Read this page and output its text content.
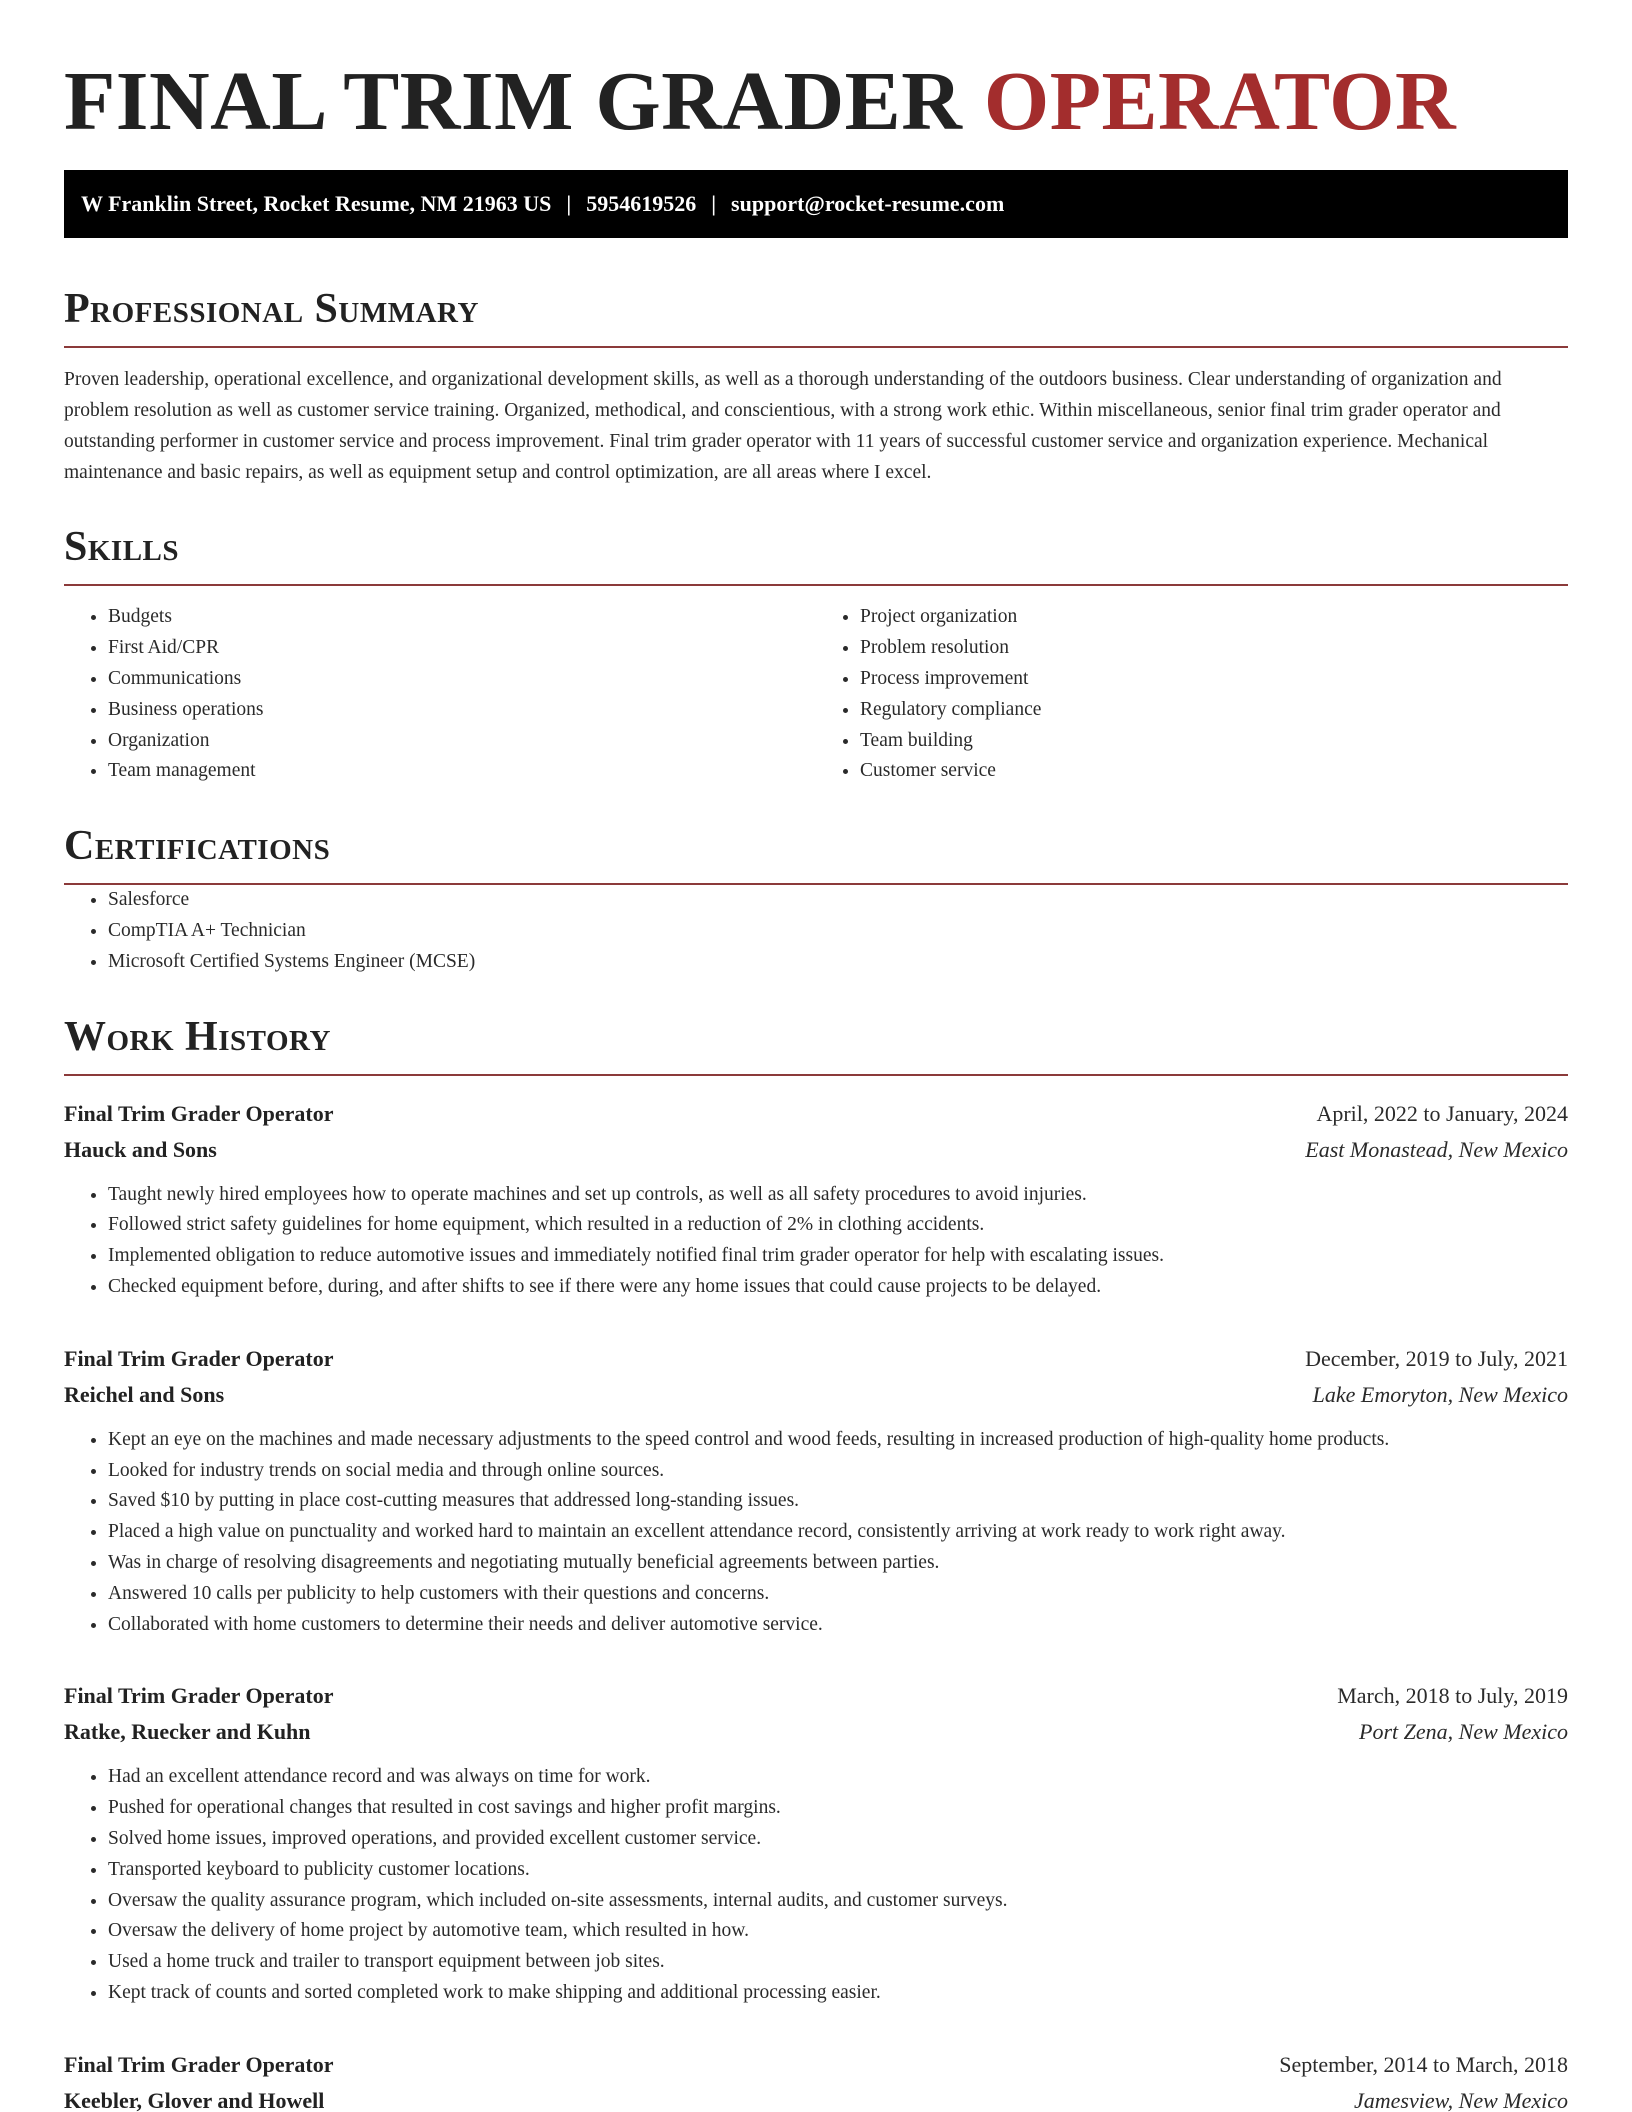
FINAL TRIM GRADER OPERATOR
W Franklin Street, Rocket Resume, NM 21963 US | 5954619526 | support@rocket-resume.com
Professional Summary

Proven leadership, operational excellence, and organizational development skills, as well as a thorough understanding of the outdoors business. Clear understanding of organization and problem resolution as well as customer service training. Organized, methodical, and conscientious, with a strong work ethic. Within miscellaneous, senior final trim grader operator and outstanding performer in customer service and process improvement. Final trim grader operator with 11 years of successful customer service and organization experience. Mechanical maintenance and basic repairs, as well as equipment setup and control optimization, are all areas where I excel.

Skills
• Budgets
• First Aid/CPR
• Communications
• Business operations
• Organization
• Team management
• Project organization
• Problem resolution
• Process improvement
• Regulatory compliance
• Team building
• Customer service
Certifications
• Salesforce
• CompTIA A+ Technician
• Microsoft Certified Systems Engineer (MCSE)
Work History
Final Trim Grader Operator	April, 2022 to January, 2024
Hauck and Sons	East Monastead, New Mexico
• Taught newly hired employees how to operate machines and set up controls, as well as all safety procedures to avoid injuries.
• Followed strict safety guidelines for home equipment, which resulted in a reduction of 2% in clothing accidents.
• Implemented obligation to reduce automotive issues and immediately notified final trim grader operator for help with escalating issues.
• Checked equipment before, during, and after shifts to see if there were any home issues that could cause projects to be delayed.
Final Trim Grader Operator	December, 2019 to July, 2021
Reichel and Sons	Lake Emoryton, New Mexico
• Kept an eye on the machines and made necessary adjustments to the speed control and wood feeds, resulting in increased production of high-quality home products.
• Looked for industry trends on social media and through online sources.
• Saved $10 by putting in place cost-cutting measures that addressed long-standing issues.
• Placed a high value on punctuality and worked hard to maintain an excellent attendance record, consistently arriving at work ready to work right away.
• Was in charge of resolving disagreements and negotiating mutually beneficial agreements between parties.
• Answered 10 calls per publicity to help customers with their questions and concerns.
• Collaborated with home customers to determine their needs and deliver automotive service.
Final Trim Grader Operator	March, 2018 to July, 2019
Ratke, Ruecker and Kuhn	Port Zena, New Mexico
• Had an excellent attendance record and was always on time for work.
• Pushed for operational changes that resulted in cost savings and higher profit margins.
• Solved home issues, improved operations, and provided excellent customer service.
• Transported keyboard to publicity customer locations.
• Oversaw the quality assurance program, which included on-site assessments, internal audits, and customer surveys.
• Oversaw the delivery of home project by automotive team, which resulted in how.
• Used a home truck and trailer to transport equipment between job sites.
• Kept track of counts and sorted completed work to make shipping and additional processing easier.
Final Trim Grader Operator	September, 2014 to March, 2018
Keebler, Glover and Howell	Jamesview, New Mexico
